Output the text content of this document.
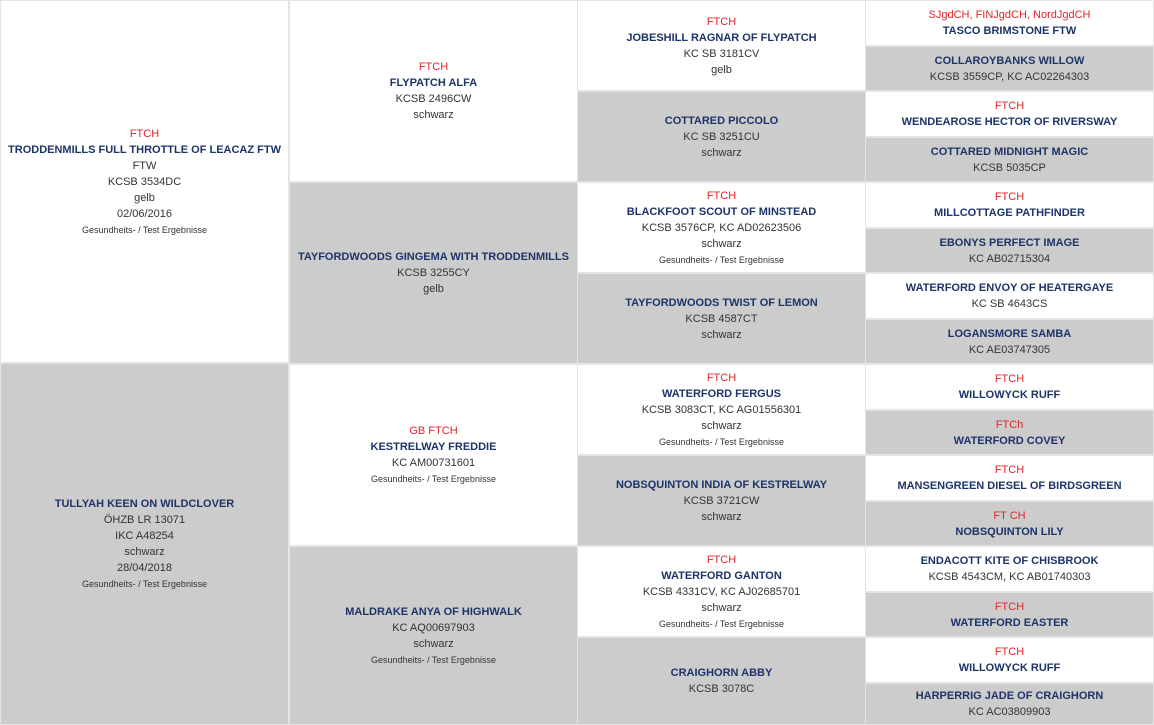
FTCH
TRODDENMILLS FULL THROTTLE OF LEACAZ FTW
FTW
KCSB 3534DC
gelb
02/06/2016
Gesundheits- / Test Ergebnisse
TULLYAH KEEN ON WILDCLOVER
ÖHZB LR 13071
IKC A48254
schwarz
28/04/2018
Gesundheits- / Test Ergebnisse
FTCH
FLYPATCH ALFA
KCSB 2496CW
schwarz
TAYFORDWOODS GINGEMA WITH TRODDENMILLS
KCSB 3255CY
gelb
GB FTCH
KESTRELWAY FREDDIE
KC AM00731601
Gesundheits- / Test Ergebnisse
MALDRAKE ANYA OF HIGHWALK
KC AQ00697903
schwarz
Gesundheits- / Test Ergebnisse
FTCH
JOBESHILL RAGNAR OF FLYPATCH
KC SB 3181CV
gelb
COTTARED PICCOLO
KC SB 3251CU
schwarz
FTCH
BLACKFOOT SCOUT OF MINSTEAD
KCSB 3576CP, KC AD02623506
schwarz
Gesundheits- / Test Ergebnisse
TAYFORDWOODS TWIST OF LEMON
KCSB 4587CT
schwarz
FTCH
WATERFORD FERGUS
KCSB 3083CT, KC AG01556301
schwarz
Gesundheits- / Test Ergebnisse
NOBSQUINTON INDIA OF KESTRELWAY
KCSB 3721CW
schwarz
FTCH
WATERFORD GANTON
KCSB 4331CV, KC AJ02685701
schwarz
Gesundheits- / Test Ergebnisse
CRAIGHORN ABBY
KCSB 3078C
SJgdCH, FINJgdCH, NordJgdCH
TASCO BRIMSTONE FTW
COLLAROYBANKS WILLOW
KCSB 3559CP, KC AC02264303
FTCH
WENDEAROSE HECTOR OF RIVERSWAY
COTTARED MIDNIGHT MAGIC
KCSB 5035CP
FTCH
MILLCOTTAGE PATHFINDER
EBONYS PERFECT IMAGE
KC AB02715304
WATERFORD ENVOY OF HEATERGAYE
KC SB 4643CS
LOGANSMORE SAMBA
KC AE03747305
FTCH
WILLOWYCK RUFF
FTCh
WATERFORD COVEY
FTCH
MANSENGREEN DIESEL OF BIRDSGREEN
FT CH
NOBSQUINTON LILY
ENDACOTT KITE OF CHISBROOK
KCSB 4543CM, KC AB01740303
FTCH
WATERFORD EASTER
FTCH
WILLOWYCK RUFF
HARPERRIG JADE OF CRAIGHORN
KC AC03809903
